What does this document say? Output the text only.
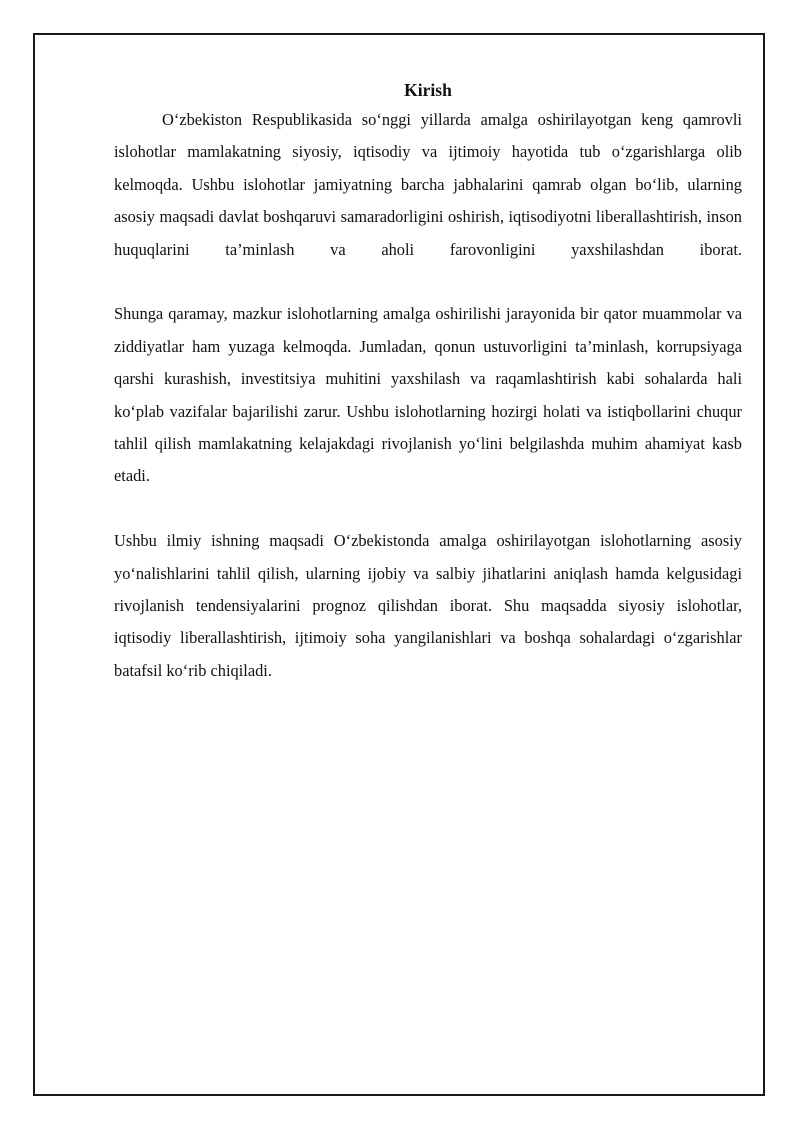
Kirish

O‘zbekiston Respublikasida so‘nggi yillarda amalga oshirilayotgan keng qamrovli islohotlar mamlakatning siyosiy, iqtisodiy va ijtimoiy hayotida tub o‘zgarishlarga olib kelmoqda. Ushbu islohotlar jamiyatning barcha jabhalarini qamrab olgan bo‘lib, ularning asosiy maqsadi davlat boshqaruvi samaradorligini oshirish, iqtisodiyotni liberallashtirish, inson huquqlarini ta’minlash va aholi farovonligini yaxshilashdan iborat.

Shunga qaramay, mazkur islohotlarning amalga oshirilishi jarayonida bir qator muammolar va ziddiyatlar ham yuzaga kelmoqda. Jumladan, qonun ustuvorligini ta’minlash, korrupsiyaga qarshi kurashish, investitsiya muhitini yaxshilash va raqamlashtirish kabi sohalarda hali ko‘plab vazifalar bajarilishi zarur. Ushbu islohotlarning hozirgi holati va istiqbollarini chuqur tahlil qilish mamlakatning kelajakdagi rivojlanish yo‘lini belgilashda muhim ahamiyat kasb etadi.

Ushbu ilmiy ishning maqsadi O‘zbekistonda amalga oshirilayotgan islohotlarning asosiy yo‘nalishlarini tahlil qilish, ularning ijobiy va salbiy jihatlarini aniqlash hamda kelgusidagi rivojlanish tendensiyalarini prognoz qilishdan iborat. Shu maqsadda siyosiy islohotlar, iqtisodiy liberallashtirish, ijtimoiy soha yangilanishlari va boshqa sohalardagi o‘zgarishlar batafsil ko‘rib chiqiladi.
